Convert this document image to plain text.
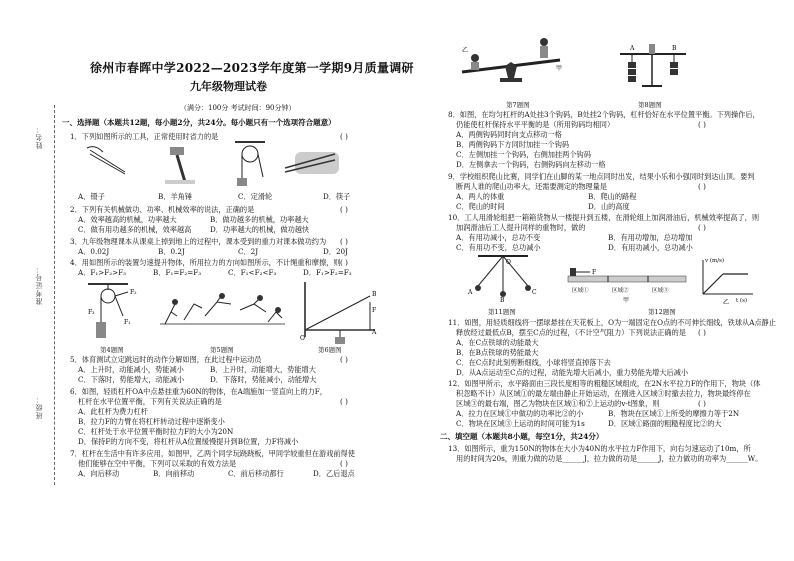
姓名：
准考证号：
班级：
徐州市春晖中学2022—2023学年度第一学期9月质量调研
九年级物理试卷
（满分：100分 考试时间：90分钟）
一、选择题（本题共12题，每小题2分，共24分。每小题只有一个选项符合题意）
1．下列如图所示的工具，正常使用时省力的是	( )
A．镊子	B．羊角锤	C．定滑轮	D．筷子
2．下列有关机械做功、功率、机械效率的说法，正确的是	( )
A．效率越高的机械，功率越大	B．做功越多的机械，功率越大
C．做有用功越多的机械，效率越高	D．功率越大的机械，做功越快
3．九年级物理课本从课桌上掉到地上的过程中，课本受到的重力对课本做功约为 ( )
A．0.02J	B．0.2J	C．2J	D．20J
4．用如图所示的装置匀速提升物体，所用拉力的方向如图所示，不计绳重和摩擦，则 ( )
A．F₁>F₂>F₃	B．F₁=F₂=F₃	C．F₁<F₂<F₃	D．F₁>F₂=F₃
F₂
F₁
F₃
O
A
B
F
第4题图	第5题图	第6题图
5．体育测试立定跳远时的动作分解如图，在此过程中运动员	( )
A．上升时，动能减小，势能减小	B．上升时，动能增大，势能增大
C．下落时，势能增大，动能减小	D．下落时，势能减小，动能增大
6．如图，轻质杠杆OA中点悬挂重为60N的物体，在A端施加一竖直向上的力F，
杠杆在水平位置平衡，下列有关说法正确的是	( )
A．此杠杆为费力杠杆
B．拉力F的力臂在将杠杆转动过程中逐渐变小
C．杠杆处于水平位置平衡时拉力F的大小为20N
D．保持F的方向不变，将杠杆从A位置缓慢提升到B位置，力F将减小
7．杠杆在生活中有许多应用，如图甲，乙两个同学玩跷跷板，甲同学较重但在游戏前得使
他们能够在空中平衡，下列可以采取的有效方法是	( )
A．向后移动	B．向前移动	C．前后移动都行	D．乙后退点
乙
甲
第7题图
A	B
第8题图
8．如图，在均匀杠杆的A处挂3个钩码，B处挂2个钩码，杠杆恰好在水平位置平衡。下列操作后，
仍能使杠杆保持水平平衡的是（所用钩码均相同）	( )
A．两侧钩码同时向支点移动一格
B．两侧钩码下方同时加挂一个钩码
C．左侧加挂一个钩码，右侧加挂两个钩码
D．左侧拿去一个钩码，右侧钩码向左移动一格
9．学校组织爬山比赛，同学们在山脚的某一地点同时出发，结果小乐和小强同时到达山顶。要判
断两人谁的爬山功率大，还需要测定的物理量是	( )
A．两人的体重	B．爬山的路程
C．爬山的时间	D．山的高度
10．工人用滑轮组把一箱箱货物从一楼提升到五楼，在滑轮组上加润滑油后，机械效率提高了，则
加润滑油后工人提升同样的重物时，做的	( )
A．有用功减小，总功不变	B．有用功增加，总功增加
C．有用功不变，总功减小	D．有用功减小，总功减小
O
A
B
C
第11题图
F
区域①	区域②	区域③
甲
v (m/s)
t (s)
乙
第12题图
11．如图，用轻质细线将一摆球悬挂在天花板上，O为一端固定在O点的不可伸长细线，铁球从A点静止
释放经过最低点B，摆至C点的过程，（不计空气阻力）下列说法正确的是 ( )
A．在C点铁球的动能最大
B．在B点铁球的势能最大
C．在C点时此刻剪断细线，小球将竖直掉落下去
D．从A点运动至C点的过程，动能先增大后减小，重力势能先增大后减小
12．如图甲所示，水平路面由三段长度相等的粗糙区域组成，在2N水平拉力F的作用下，物块（体
积忽略不计）从区域①的最左端由静止开始运动，在刚进入区域③时撤去拉力，物块最终停在
区域③的最右端，图乙为物块在区域①和②上运动的v-t图象，则	( )
A．拉力在区域①中做功的功率比②的小	B．物块在区域①上所受的摩擦力等于2N
C．物块在区域③上运动的时间可能为1s	D．区域①路面的粗糙程度比②的大
二、填空题（本题共8小题，每空1分，共24分）
13．如图所示，重为150N的物体在大小为40N的水平拉力F作用下，向右匀速运动了10m，所
用的时间为20s，则重力做的功是______J，拉力做的功是______J，拉力做功的功率为______W。
